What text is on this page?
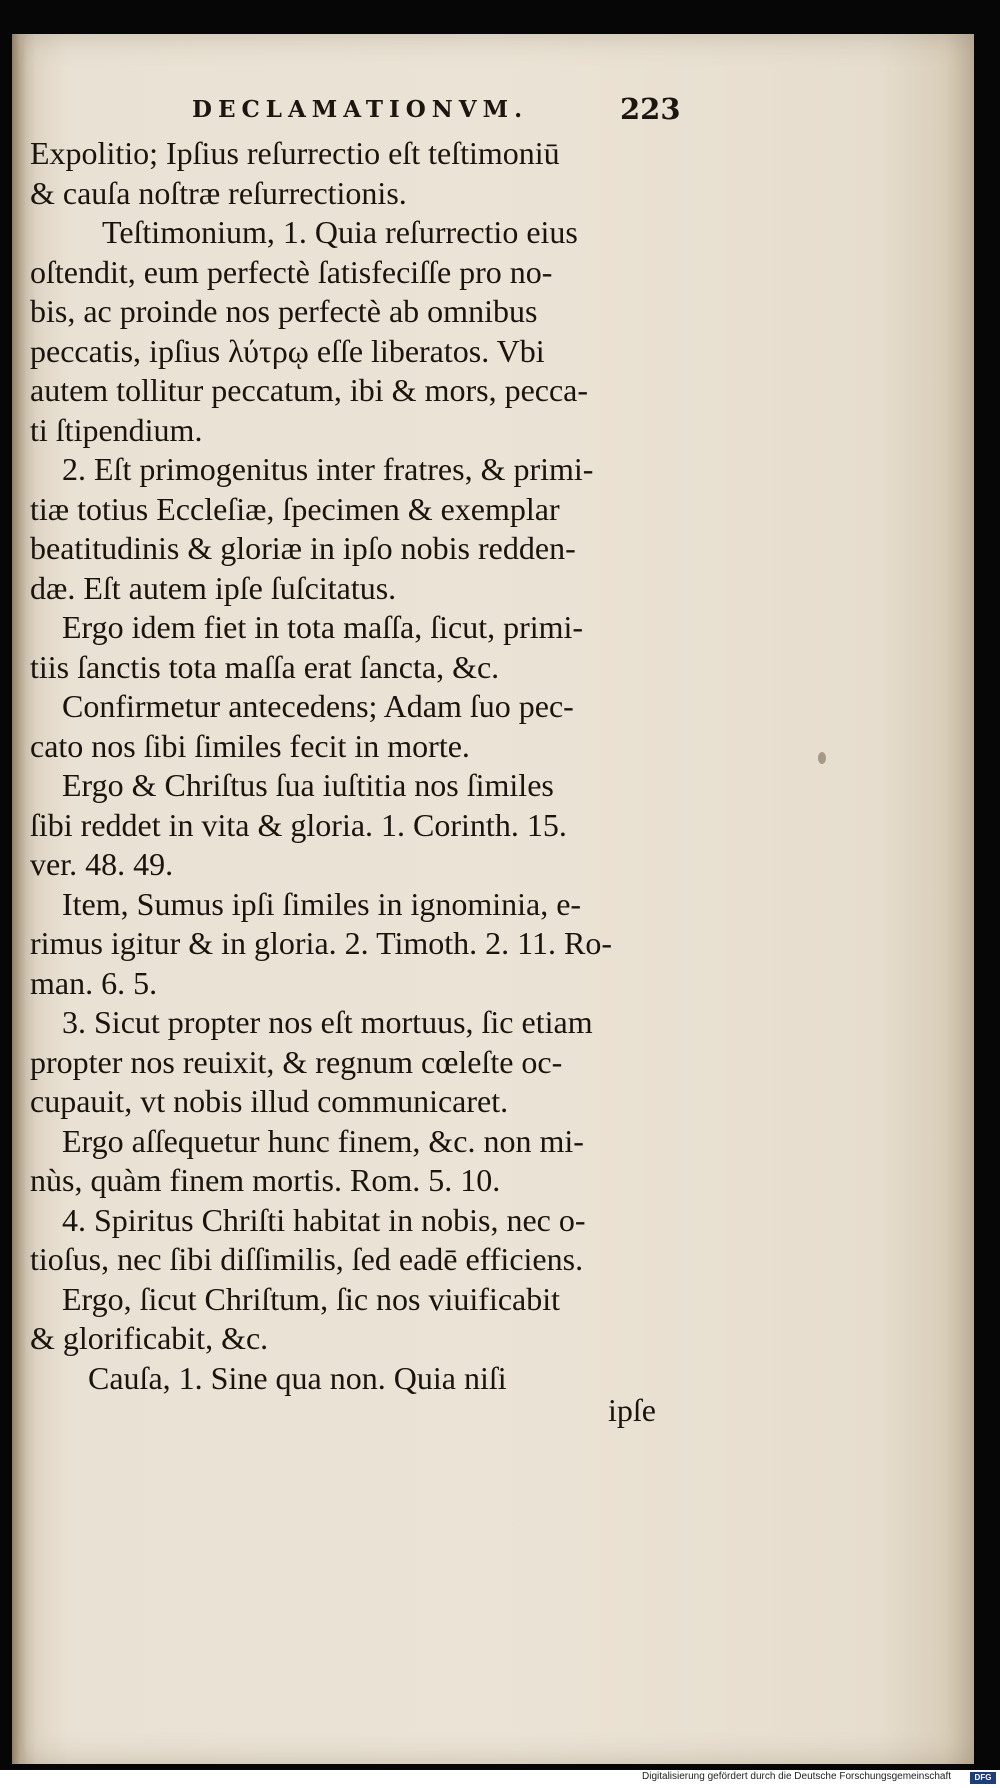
DECLAMATIONVM.	223
Expolitio; Ipſius reſurrectio eſt teſtimoniū
& cauſa noſtræ reſurrectionis.
Teſtimonium, 1. Quia reſurrectio eius
oſtendit, eum perfectè ſatisfeciſſe pro no-
bis, ac proinde nos perfectè ab omnibus
peccatis, ipſius λύτρῳ eſſe liberatos. Vbi
autem tollitur peccatum, ibi & mors, pecca-
ti ſtipendium.
2. Eſt primogenitus inter fratres, & primi-
tiæ totius Eccleſiæ, ſpecimen & exemplar
beatitudinis & gloriæ in ipſo nobis redden-
dæ. Eſt autem ipſe ſuſcitatus.
Ergo idem fiet in tota maſſa, ſicut, primi-
tiis ſanctis tota maſſa erat ſancta, &c.
Confirmetur antecedens; Adam ſuo pec-
cato nos ſibi ſimiles fecit in morte.
Ergo & Chriſtus ſua iuſtitia nos ſimiles
ſibi reddet in vita & gloria. 1. Corinth. 15.
ver. 48. 49.
Item, Sumus ipſi ſimiles in ignominia, e-
rimus igitur & in gloria. 2. Timoth. 2. 11. Ro-
man. 6. 5.
3. Sicut propter nos eſt mortuus, ſic etiam
propter nos reuixit, & regnum cœleſte oc-
cupauit, vt nobis illud communicaret.
Ergo aſſequetur hunc finem, &c. non mi-
nùs, quàm finem mortis. Rom. 5. 10.
4. Spiritus Chriſti habitat in nobis, nec o-
tioſus, nec ſibi diſſimilis, ſed eadē efficiens.
Ergo, ſicut Chriſtum, ſic nos viuificabit
& glorificabit, &c.
Cauſa, 1. Sine qua non. Quia niſi
ipſe
Digitalisierung gefördert durch die Deutsche Forschungsgemeinschaft	DFG
